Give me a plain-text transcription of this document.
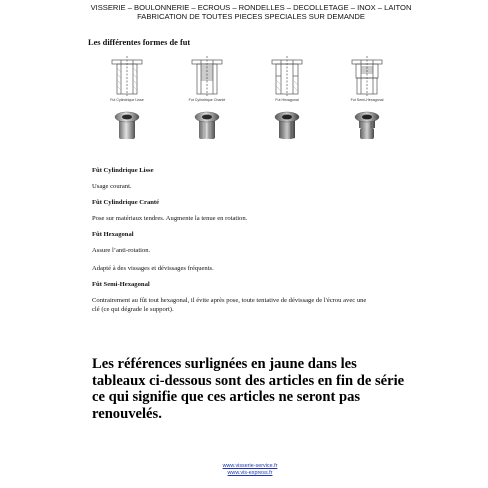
VISSERIE – BOULONNERIE – ECROUS – RONDELLES – DECOLLETAGE – INOX – LAITON
FABRICATION DE TOUTES PIECES SPECIALES SUR DEMANDE
Les différentes formes de fut
Fut Cylindrique Lisse	Fut Cylindrique Chanté	Fut Hexagonal	Fut Semi-Hexagonal
Fût Cylindrique Lisse
Usage courant.
Fût Cylindrique Cranté
Pose sur matériaux tendres. Augmente la tenue en rotation.
Fût Hexagonal
Assure l’anti-rotation.
Adapté à des vissages et dévissages fréquents.
Fût Semi-Hexagonal
Contrairement au fût tout hexagonal, il évite après pose, toute tentative de dévissage de l'écrou avec une
clé (ce qui dégrade le support).
Les références surlignées en jaune dans les tableaux ci-dessous sont des articles en fin de série ce qui signifie que ces articles ne seront pas renouvelés.
www.visserie-service.fr
www.vis-express.fr
